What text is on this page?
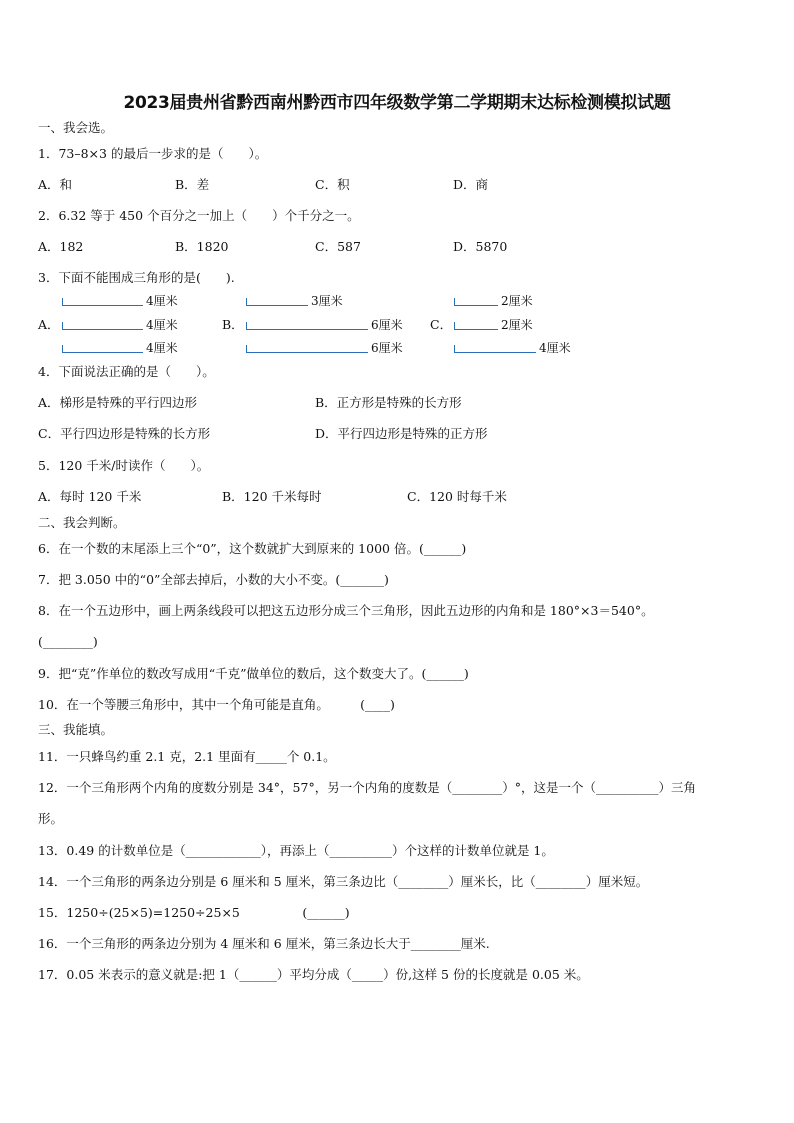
2023届贵州省黔西南州黔西市四年级数学第二学期期末达标检测模拟试题
一、我会选。
1．73–8×3 的最后一步求的是（　　）。
A．和	B．差	C．积	D．商
2．6.32 等于 450 个百分之一加上（　　）个千分之一。
A．182	B．1820	C．587	D．5870
3．下面不能围成三角形的是(　　).
A．
4厘米
4厘米
4厘米
B．
3厘米
6厘米
6厘米
C．
2厘米
2厘米
4厘米
4．下面说法正确的是（　　）。
A．梯形是特殊的平行四边形	B．正方形是特殊的长方形
C．平行四边形是特殊的长方形	D．平行四边形是特殊的正方形
5．120 千米/时读作（　　）。
A．每时 120 千米	B．120 千米每时	C．120 时每千米
二、我会判断。
6．在一个数的末尾添上三个“0”，这个数就扩大到原来的 1000 倍。(______)
7．把 3.050 中的“0”全部去掉后，小数的大小不变。(_______)
8．在一个五边形中，画上两条线段可以把这五边形分成三个三角形，因此五边形的内角和是 180°×3＝540°。
(________)
9．把“克”作单位的数改写成用“千克”做单位的数后，这个数变大了。(______)
10．在一个等腰三角形中，其中一个角可能是直角。　　　(____)
三、我能填。
11．一只蜂鸟约重 2.1 克，2.1 里面有_____个 0.1。
12．一个三角形两个内角的度数分别是 34°，57°，另一个内角的度数是（________）°，这是一个（__________）三角
形。
13．0.49 的计数单位是（____________），再添上（__________）个这样的计数单位就是 1。
14．一个三角形的两条边分别是 6 厘米和 5 厘米，第三条边比（________）厘米长，比（________）厘米短。
15．1250÷(25×5)=1250÷25×5　　　　　(______)
16．一个三角形的两条边分别为 4 厘米和 6 厘米，第三条边长大于________厘米.
17．0.05 米表示的意义就是:把 1（______）平均分成（_____）份,这样 5 份的长度就是 0.05 米。
